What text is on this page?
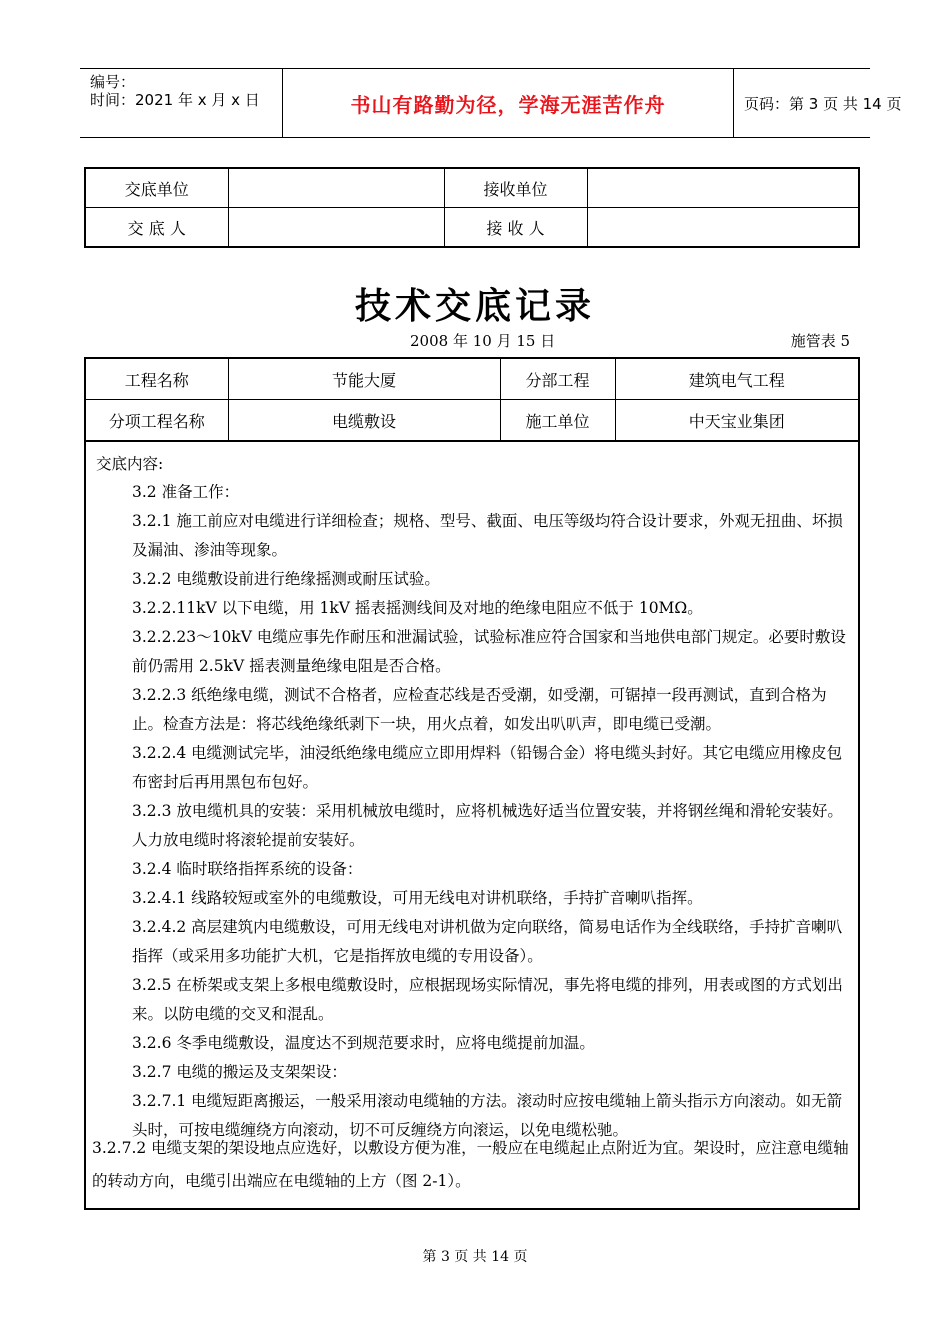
编号：
时间：2021 年 x 月 x 日	书山有路勤为径，学海无涯苦作舟	页码：第 3 页 共 14 页
交底单位		接收单位	
交 底 人		接 收 人	
技术交底记录
2008 年 10 月 15 日	施管表 5
工程名称	节能大厦	分部工程	建筑电气工程
分项工程名称	电缆敷设	施工单位	中天宝业集团
交底内容:

3.2 准备工作：

3.2.1 施工前应对电缆进行详细检查；规格、型号、截面、电压等级均符合设计要求，外观无扭曲、坏损及漏油、渗油等现象。

3.2.2 电缆敷设前进行绝缘摇测或耐压试验。

3.2.2.11kV 以下电缆，用 1kV 摇表摇测线间及对地的绝缘电阻应不低于 10MΩ。

3.2.2.23～10kV 电缆应事先作耐压和泄漏试验，试验标准应符合国家和当地供电部门规定。必要时敷设前仍需用 2.5kV 摇表测量绝缘电阻是否合格。

3.2.2.3 纸绝缘电缆，测试不合格者，应检查芯线是否受潮，如受潮，可锯掉一段再测试，直到合格为止。检查方法是：将芯线绝缘纸剥下一块，用火点着，如发出叭叭声，即电缆已受潮。

3.2.2.4 电缆测试完毕，油浸纸绝缘电缆应立即用焊料（铅锡合金）将电缆头封好。其它电缆应用橡皮包布密封后再用黑包布包好。

3.2.3 放电缆机具的安装：采用机械放电缆时，应将机械选好适当位置安装，并将钢丝绳和滑轮安装好。人力放电缆时将滚轮提前安装好。

3.2.4 临时联络指挥系统的设备：

3.2.4.1 线路较短或室外的电缆敷设，可用无线电对讲机联络，手持扩音喇叭指挥。

3.2.4.2 高层建筑内电缆敷设，可用无线电对讲机做为定向联络，简易电话作为全线联络，手持扩音喇叭指挥（或采用多功能扩大机，它是指挥放电缆的专用设备）。

3.2.5 在桥架或支架上多根电缆敷设时，应根据现场实际情况，事先将电缆的排列，用表或图的方式划出来。以防电缆的交叉和混乱。

3.2.6 冬季电缆敷设，温度达不到规范要求时，应将电缆提前加温。

3.2.7 电缆的搬运及支架架设：

3.2.7.1 电缆短距离搬运，一般采用滚动电缆轴的方法。滚动时应按电缆轴上箭头指示方向滚动。如无箭头时，可按电缆缠绕方向滚动，切不可反缠绕方向滚运，以免电缆松驰。

3.2.7.2 电缆支架的架设地点应选好，以敷设方便为准，一般应在电缆起止点附近为宜。架设时，应注意电缆轴的转动方向，电缆引出端应在电缆轴的上方（图 2-1）。
第 3 页 共 14 页
